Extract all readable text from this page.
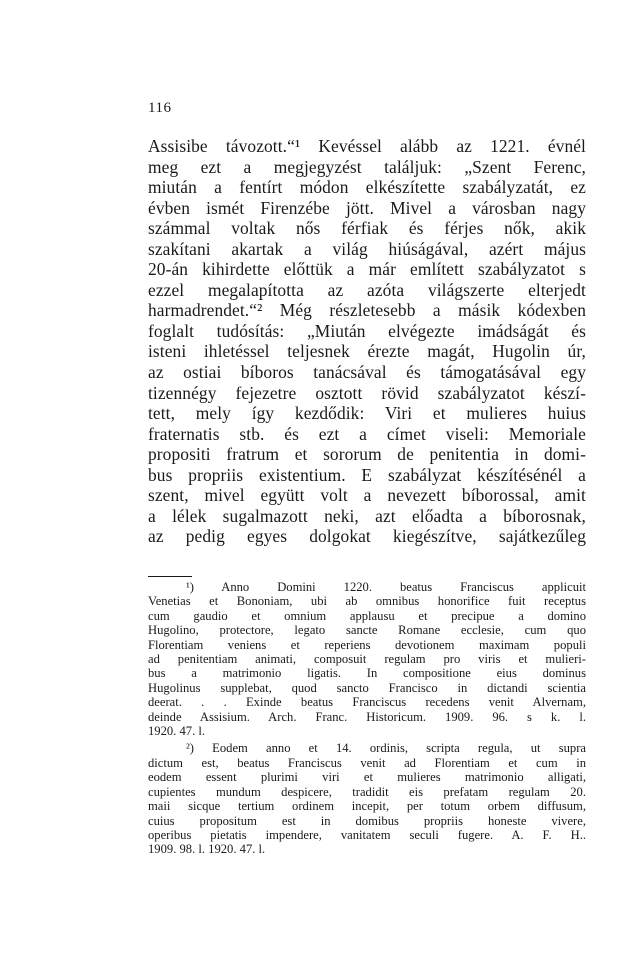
116
Assisibe távozott.“¹ Kevéssel alább az 1221. évnél
meg ezt a megjegyzést találjuk: „Szent Ferenc,
miután a fentírt módon elkészítette szabályzatát, ez
évben ismét Firenzébe jött. Mivel a városban nagy
számmal voltak nős férfiak és férjes nők, akik
szakítani akartak a világ hiúságával, azért május
20-án kihirdette előttük a már említett szabályzatot s
ezzel megalapította az azóta világszerte elterjedt
harmadrendet.“² Még részletesebb a másik kódexben
foglalt tudósítás: „Miután elvégezte imádságát és
isteni ihletéssel teljesnek érezte magát, Hugolin úr,
az ostiai bíboros tanácsával és támogatásával egy
tizennégy fejezetre osztott rövid szabályzatot készí-
tett, mely így kezdődik: Viri et mulieres huius
fraternatis stb. és ezt a címet viseli: Memoriale
propositi fratrum et sororum de penitentia in domi-
bus propriis existentium. E szabályzat készítésénél a
szent, mivel együtt volt a nevezett bíborossal, amit
a lélek sugalmazott neki, azt előadta a bíborosnak,
az pedig egyes dolgokat kiegészítve, sajátkezűleg
¹) Anno Domini 1220. beatus Franciscus applicuit
Venetias et Bononiam, ubi ab omnibus honorifice fuit receptus
cum gaudio et omnium applausu et precipue a domino
Hugolino, protectore, legato sancte Romane ecclesie, cum quo
Florentiam veniens et reperiens devotionem maximam populi
ad penitentiam animati, composuit regulam pro viris et mulieri-
bus a matrimonio ligatis. In compositione eius dominus
Hugolinus supplebat, quod sancto Francisco in dictandi scientia
deerat. . . Exinde beatus Franciscus recedens venit Alvernam,
deinde Assisium. Arch. Franc. Historicum. 1909. 96. s k. l.
1920. 47. l.
²) Eodem anno et 14. ordinis, scripta regula, ut supra
dictum est, beatus Franciscus venit ad Florentiam et cum in
eodem essent plurimi viri et mulieres matrimonio alligati,
cupientes mundum despicere, tradidit eis prefatam regulam 20.
maii sicque tertium ordinem incepit, per totum orbem diffusum,
cuius propositum est in domibus propriis honeste vivere,
operibus pietatis impendere, vanitatem seculi fugere. A. F. H..
1909. 98. l. 1920. 47. l.
